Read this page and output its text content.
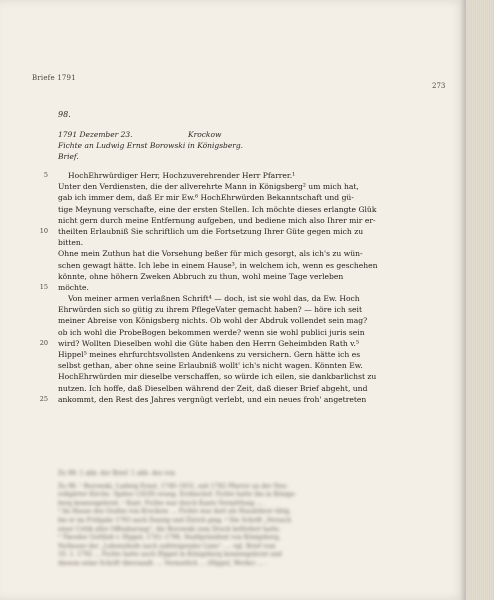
Briefe 1791
273
98.
1791 Dezember 23.	Krockow
Fichte an Ludwig Ernst Borowski in Königsberg.
Brief.
5	HochEhrwürdiger Herr, Hochzuverehrender Herr Pfarrer.¹
Unter den Verdiensten, die der allverehrte Mann in Königsberg² um mich hat,
gab ich immer dem, daß Er mir Ew.⁶ HochEhrwürden Bekanntschaft und gü-
tige Meynung verschafte, eine der ersten Stellen. Ich möchte dieses erlangte Glük
nicht gern durch meine Entfernung aufgeben, und bediene mich also Ihrer mir er-
10 theilten Erlaubniß Sie schriftlich um die Fortsetzung Ihrer Güte gegen mich zu
bitten.
Ohne mein Zuthun hat die Vorsehung beßer für mich gesorgt, als ich's zu wün-
schen gewagt hätte. Ich lebe in einem Hause³, in welchem ich, wenn es geschehen
könnte, ohne höhern Zweken Abbruch zu thun, wohl meine Tage verleben
15 möchte.
Von meiner armen verlaßnen Schrift⁴ — doch, ist sie wohl das, da Ew. Hoch
Ehrwürden sich so gütig zu ihrem PflegeVater gemacht haben? — höre ich seit
meiner Abreise von Königsberg nichts. Ob wohl der Abdruk vollendet sein mag?
ob ich wohl die ProbeBogen bekommen werde? wenn sie wohl publici juris sein
20 wird? Wollten Dieselben wohl die Güte haben den Herrn Geheimbden Rath v.⁵
Hippel⁵ meines ehrfurchtsvollsten Andenkens zu versichern. Gern hätte ich es
selbst gethan, aber ohne seine Erlaubniß wollt' ich's nicht wagen. Könnten Ew.
HochEhrwürden mir dieselbe verschaffen, so würde ich eilen, sie dankbarlichst zu
nutzen. Ich hoffe, daß Dieselben während der Zeit, daß dieser Brief abgeht, und
25 ankommt, den Rest des Jahres vergnügt verlebt, und ein neues froh' angetreten
Zu 98: 1 abb. der Brief. 1 abb. des von
Zu 98. ¹ Borowski, Ludwig Ernst, 1740–1831, seit 1782 Pfarrer an der Neu-
roßgärter Kirche. Später (1829) evang. Erzbischof. Fichte hatte ihn in Königs-
berg kennengelernt. ² Kant. Fichte war durch Kants Vermittlung ... .
³ Im Hause des Grafen von Krockow. ... Fichte war dort als Hauslehrer tätig,
bis er im Frühjahr 1793 nach Danzig und Zürich ging. ⁴ Die Schrift „Versuch
einer Critik aller Offenbarung“, die Borowski zum Druck befördert hatte.
⁵ Theodor Gottlieb v. Hippel, 1741–1796, Stadtpräsident von Königsberg,
Verfasser der „Lebensläufe nach aufsteigender Linie“. ... vgl. Brief vom
10. 1. 1792 ... Fichte hatte auch Hippel in Königsberg kennengelernt und
diesem seine Schrift übersandt. ... Vermutlich ... (Hippel, Werke) ... .
